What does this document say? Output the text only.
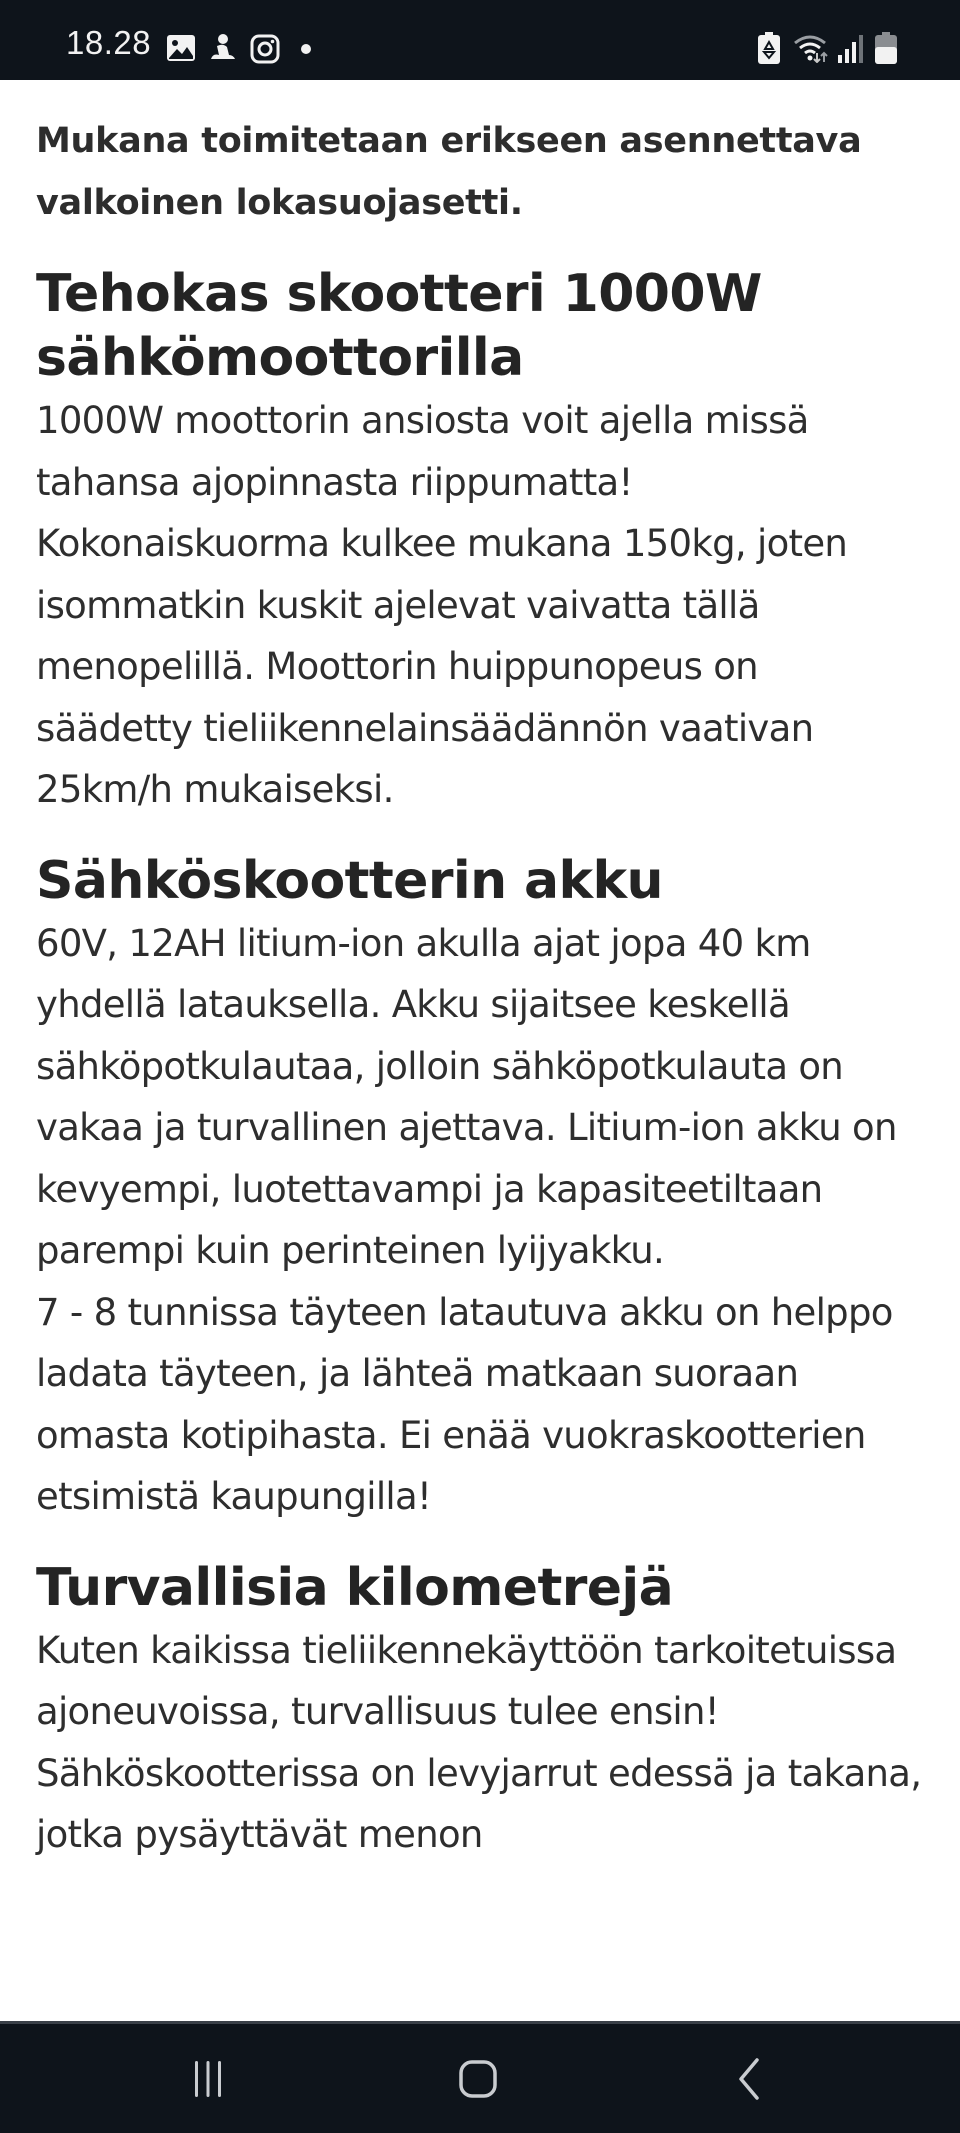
18.28

Mukana toimitetaan erikseen asennettava valkoinen lokasuojasetti.

Tehokas skootteri 1000W sähkömoottorilla

1000W moottorin ansiosta voit ajella missä tahansa ajopinnasta riippumatta! Kokonaiskuorma kulkee mukana 150kg, joten isommatkin kuskit ajelevat vaivatta tällä menopelillä. Moottorin huippunopeus on säädetty tieliikennelainsäädännön vaativan 25km/h mukaiseksi.

Sähköskootterin akku

60V, 12AH litium-ion akulla ajat jopa 40 km yhdellä latauksella. Akku sijaitsee keskellä sähköpotkulautaa, jolloin sähköpotkulauta on vakaa ja turvallinen ajettava. Litium-ion akku on kevyempi, luotettavampi ja kapasiteetiltaan parempi kuin perinteinen lyijyakku.

7 - 8 tunnissa täyteen latautuva akku on helppo ladata täyteen, ja lähteä matkaan suoraan omasta kotipihasta. Ei enää vuokraskootterien etsimistä kaupungilla!

Turvallisia kilometrejä

Kuten kaikissa tieliikennekäyttöön tarkoitetuissa ajoneuvoissa, turvallisuus tulee ensin! Sähköskootterissa on levyjarrut edessä ja takana, jotka pysäyttävät menon
